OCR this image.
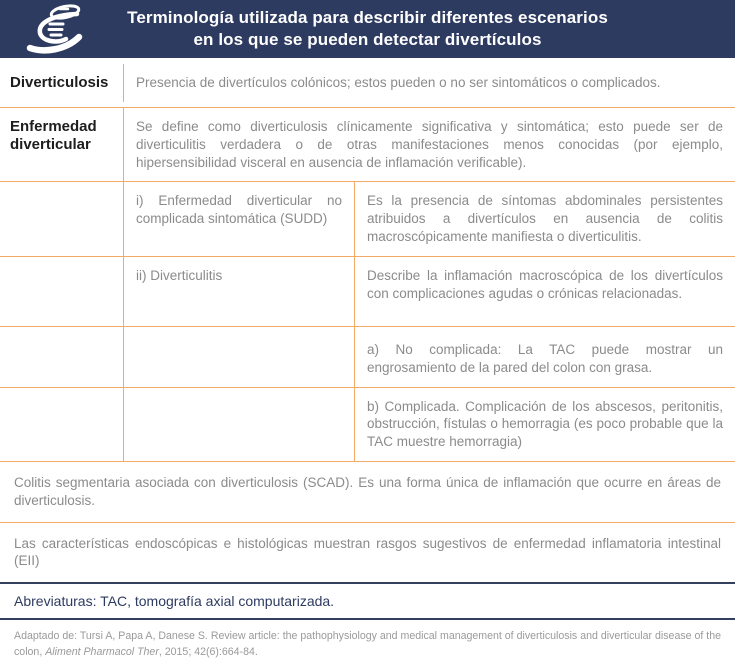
Terminología utilizada para describir diferentes escenarios
en los que se pueden detectar divertículos
Diverticulosis	Presencia de divertículos colónicos; estos pueden o no ser sintomáticos o complicados.
Enfermedad diverticular
Se define como diverticulosis clínicamente significativa y sintomática; esto puede ser de diverticulitis verdadera o de otras manifestaciones menos conocidas (por ejemplo, hipersensibilidad visceral en ausencia de inflamación verificable).
i) Enfermedad diverticular no complicada sintomática (SUDD)
Es la presencia de síntomas abdominales persistentes atribuidos a divertículos en ausencia de colitis macroscópicamente manifiesta o diverticulitis.
ii) Diverticulitis	Describe la inflamación macroscópica de los divertículos con complicaciones agudas o crónicas relacionadas.
a) No complicada: La TAC puede mostrar un engrosamiento de la pared del colon con grasa.
b) Complicada. Complicación de los abscesos, peritonitis, obstrucción, fístulas o hemorragia (es poco probable que la TAC muestre hemorragia)
Colitis segmentaria asociada con diverticulosis (SCAD). Es una forma única de inflamación que ocurre en áreas de diverticulosis.
Las características endoscópicas e histológicas muestran rasgos sugestivos de enfermedad inflamatoria intestinal (EII)
Abreviaturas: TAC, tomografía axial computarizada.
Adaptado de: Tursi A, Papa A, Danese S. Review article: the pathophysiology and medical management of diverticulosis and diverticular disease of the colon, Aliment Pharmacol Ther, 2015; 42(6):664-84.
